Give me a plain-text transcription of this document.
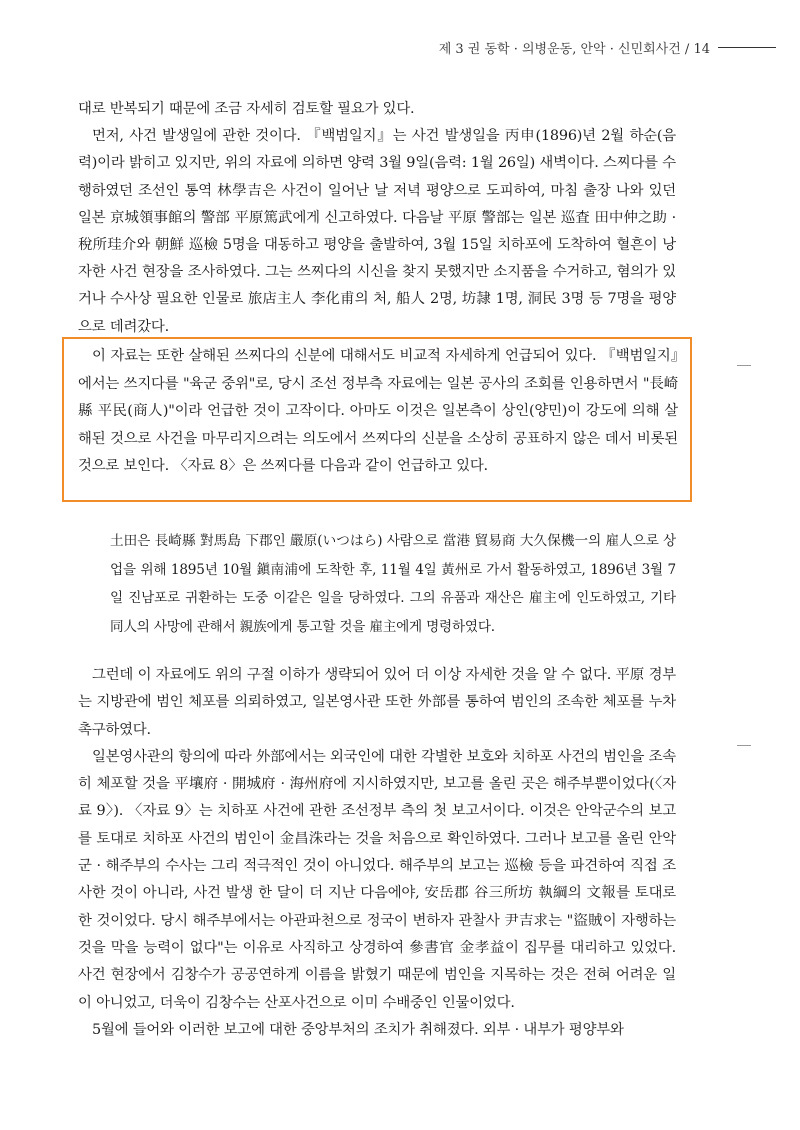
제 3 권 동학 · 의병운동, 안악 · 신민회사건 / 14

대로 반복되기 때문에 조금 자세히 검토할 필요가 있다.

먼저, 사건 발생일에 관한 것이다. 『백범일지』는 사건 발생일을 丙申(1896)년 2월 하순(음력)이라 밝히고 있지만, 위의 자료에 의하면 양력 3월 9일(음력: 1월 26일) 새벽이다. 스찌다를 수행하였던 조선인 통역 林學吉은 사건이 일어난 날 저녁 평양으로 도피하여, 마침 출장 나와 있던 일본 京城領事館의 警部 平原篤武에게 신고하였다. 다음날 平原 警部는 일본 巡査 田中仲之助 · 稅所珪介와 朝鮮 巡檢 5명을 대동하고 평양을 출발하여, 3월 15일 치하포에 도착하여 혈흔이 낭자한 사건 현장을 조사하였다. 그는 쓰찌다의 시신을 찾지 못했지만 소지품을 수거하고, 혐의가 있거나 수사상 필요한 인물로 旅店主人 李化甫의 처, 船人 2명, 坊隷 1명, 洞民 3명 등 7명을 평양으로 데려갔다.

이 자료는 또한 살해된 쓰찌다의 신분에 대해서도 비교적 자세하게 언급되어 있다. 『백범일지』에서는 쓰지다를 "육군 중위"로, 당시 조선 정부측 자료에는 일본 공사의 조회를 인용하면서 "長崎縣 平民(商人)"이라 언급한 것이 고작이다. 아마도 이것은 일본측이 상인(양민)이 강도에 의해 살해된 것으로 사건을 마무리지으려는 의도에서 쓰찌다의 신분을 소상히 공표하지 않은 데서 비롯된 것으로 보인다. 〈자료 8〉은 쓰찌다를 다음과 같이 언급하고 있다.

土田은 長崎縣 對馬島 下郡인 嚴原(いつはら) 사람으로 當港 貿易商 大久保機一의 雇人으로 상업을 위해 1895년 10월 鎭南浦에 도착한 후, 11월 4일 黃州로 가서 활동하였고, 1896년 3월 7일 진남포로 귀환하는 도중 이같은 일을 당하였다. 그의 유품과 재산은 雇主에 인도하였고, 기타 同人의 사망에 관해서 親族에게 통고할 것을 雇主에게 명령하였다.

그런데 이 자료에도 위의 구절 이하가 생략되어 있어 더 이상 자세한 것을 알 수 없다. 平原 경부는 지방관에 범인 체포를 의뢰하였고, 일본영사관 또한 外部를 통하여 범인의 조속한 체포를 누차 촉구하였다.

일본영사관의 항의에 따라 外部에서는 외국인에 대한 각별한 보호와 치하포 사건의 범인을 조속히 체포할 것을 平壤府 · 開城府 · 海州府에 지시하였지만, 보고를 올린 곳은 해주부뿐이었다(〈자료 9〉). 〈자료 9〉는 치하포 사건에 관한 조선정부 측의 첫 보고서이다. 이것은 안악군수의 보고를 토대로 치하포 사건의 범인이 金昌洙라는 것을 처음으로 확인하였다. 그러나 보고를 올린 안악군 · 해주부의 수사는 그리 적극적인 것이 아니었다. 해주부의 보고는 巡檢 등을 파견하여 직접 조사한 것이 아니라, 사건 발생 한 달이 더 지난 다음에야, 安岳郡 谷三所坊 執綱의 文報를 토대로 한 것이었다. 당시 해주부에서는 아관파천으로 정국이 변하자 관찰사 尹吉求는 "盜賊이 자행하는 것을 막을 능력이 없다"는 이유로 사직하고 상경하여 參書官 金孝益이 집무를 대리하고 있었다. 사건 현장에서 김창수가 공공연하게 이름을 밝혔기 때문에 범인을 지목하는 것은 전혀 어려운 일이 아니었고, 더욱이 김창수는 산포사건으로 이미 수배중인 인물이었다.

5월에 들어와 이러한 보고에 대한 중앙부처의 조치가 취해졌다. 외부 · 내부가 평양부와
